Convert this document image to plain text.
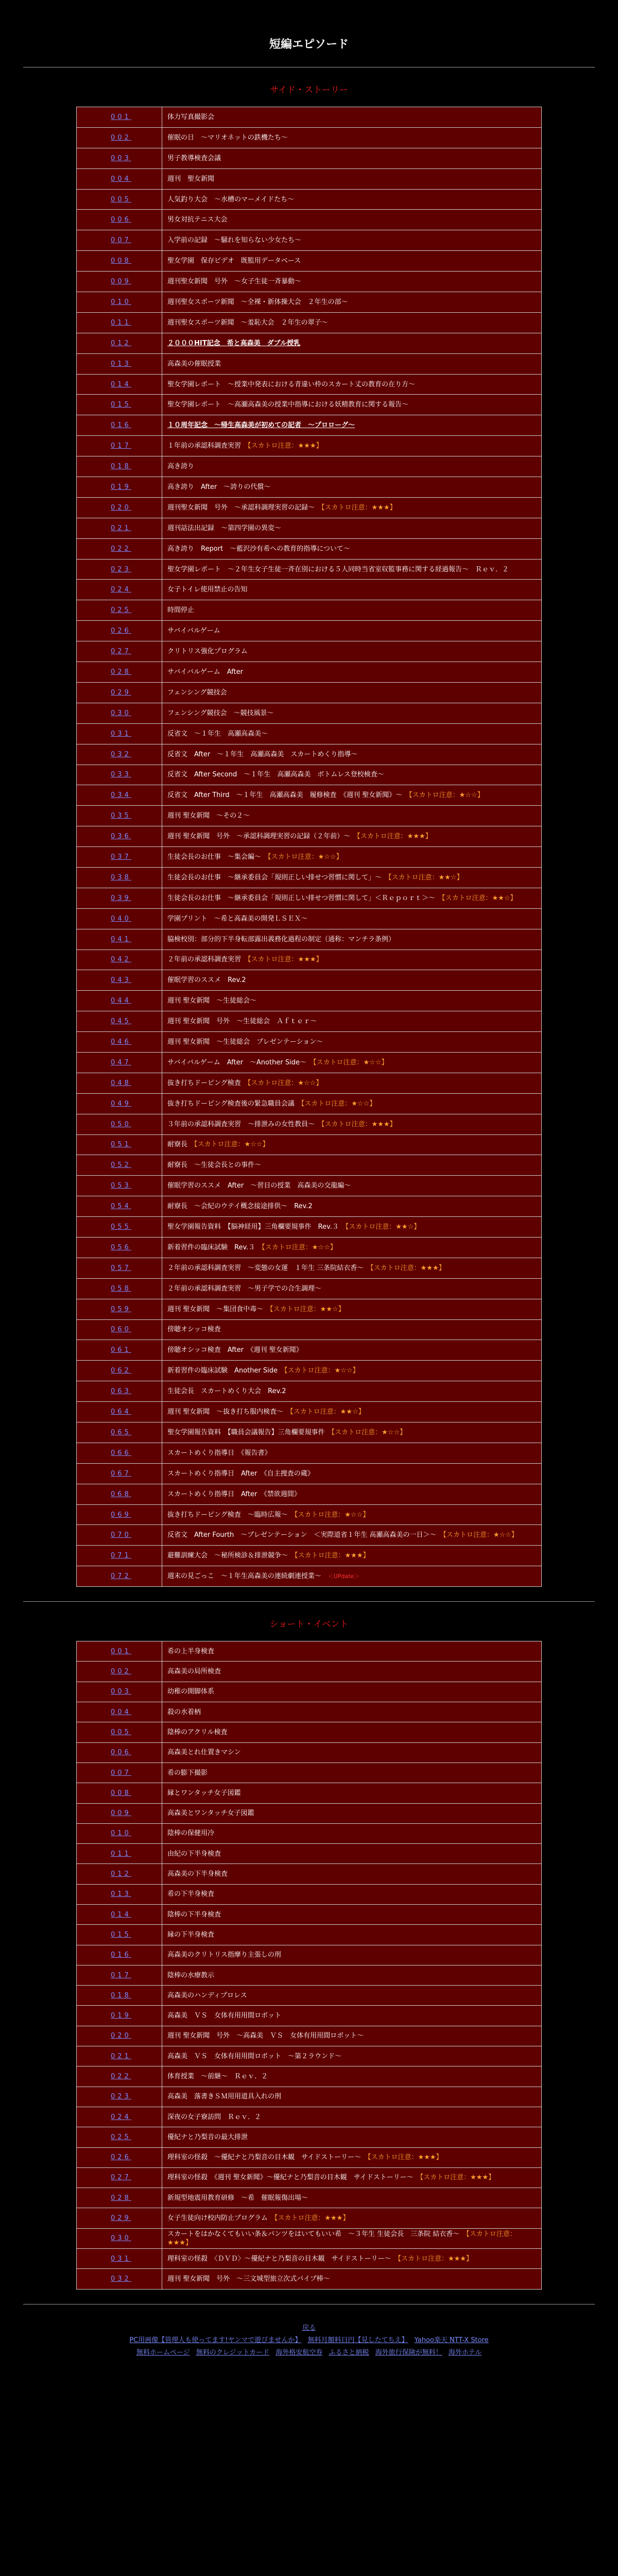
短編エピソード
サイド・ストーリー
001	体力写真撮影会
002	催眠の日　〜マリオネットの鉄機たち〜
003	男子教導検査会議
004	週刊　聖女新聞
005	人気釣り大会　〜水槽のマーメイドたち〜
006	男女対抗テニス大会
007	入学前の記録　〜騒れを知らない少女たち〜
008	聖女学園　保存ビデオ　既監用データベース
009	週刊聖女新聞　号外　〜女子生徒一斉暴動〜
010	週刊聖女スポーツ新聞　〜全裸・新体操大会　２年生の部〜
011	週刊聖女スポーツ新聞　〜羞恥大会　２年生の翠子〜
012	２０００HIT記念　希と高森美　ダブル授乳
013	高森美の催眠授業
014	聖女学園レポート　〜授業中発表における青違い枠のスカート丈の教育の在り方〜
015	聖女学園レポート　〜高瀬高森美の授業中指導における妖精教育に関する報告〜
016	１０周年記念　〜帰生高森美が初めての記者　〜プロローグ〜
017	１年前の承認科調査実習　【スカトロ注意：★★★】
018	高き誇り
019	高き誇り　After　〜誇りの代償〜
020	週刊聖女新聞　号外　〜承認科調理実習の記録〜　【スカトロ注意：★★★】
021	週刊話法出記録　〜第四学園の異変〜
022	高き誇り　Report　〜藍沢沙有希への教育的指導について〜
023	聖女学園レポート　〜２年生女子生徒一斉在別における５人同時当省室収監事務に関する経過報告〜　Ｒｅｖ．２
024	女子トイレ使用禁止の告知
025	時間停止
026	サバイバルゲーム
027	クリトリス強化プログラム
028	サバイバルゲーム　After
029	フェンシング競技会
030	フェンシング競技会　〜競技風景〜
031	反省文　〜１年生　高瀬高森美〜
032	反省文　After　〜１年生　高瀬高森美　スカートめくり指導〜
033	反省文　After Second　〜１年生　高瀬高森美　ボトムレス登校検査〜
034	反省文　After Third　〜１年生　高瀬高森美　履修検査　《週刊 聖女新聞》〜　【スカトロ注意：★☆☆】
035	週刊 聖女新聞　〜その２〜
036	週刊 聖女新聞　号外　〜承認科調理実習の記録（２年前）〜　【スカトロ注意：★★★】
037	生徒会長のお仕事　〜集会編〜　【スカトロ注意：★☆☆】
038	生徒会長のお仕事　〜継承委員会「規則正しい排せつ習慣に関して」〜　【スカトロ注意：★★☆】
039	生徒会長のお仕事　〜継承委員会「規則正しい排せつ習慣に関して」＜Ｒｅｐｏｒｔ＞〜　【スカトロ注意：★★☆】
040	学園プリント　〜希と高森美の開発ＬＳＥＸ〜
041	脇検校別：部分的下半身転部露出義務化過程の制定（通称：マンチラ条例）
042	２年前の承認科調査実習　【スカトロ注意：★★★】
043	催眠学習のススメ　Rev.2
044	週刊 聖女新聞　〜生徒総会〜
045	週刊 聖女新聞　号外　〜生徒総会　Ａｆｔｅｒ〜
046	週刊 聖女新聞　〜生徒総会　プレゼンテーション〜
047	サバイバルゲーム　After　〜Another Side〜　【スカトロ注意：★☆☆】
048	抜き打ちドーピング検査　【スカトロ注意：★☆☆】
049	抜き打ちドーピング検査後の緊急職員会議　【スカトロ注意：★☆☆】
050	３年前の承認科調査実習　〜排泄みの女性教員〜　【スカトロ注意：★★★】
051	耐寮長　【スカトロ注意：★☆☆】
052	耐寮長　〜生徒会長との事件〜
053	催眠学習のススメ　After　〜習目の授業　高森美の交龍編〜
054	耐寮長　〜会紀のウテイ概念接途排供〜　Rev.2
055	聖女学園報告資料　【脳神経用】三角欄要規事件　Rev.３　【スカトロ注意：★★☆】
056	新着習件の臨床試験　Rev.３　【スカトロ注意：★☆☆】
057	２年前の承認科調査実習　〜変態の女運　１年生 三条院結衣香〜　【スカトロ注意：★★★】
058	２年前の承認科調査実習　〜男子学での合生調理〜
059	週刊 聖女新聞　〜集団食中毒〜　【スカトロ注意：★★☆】
060	傍聴オシッコ検査
061	傍聴オシッコ検査　After　《週刊 聖女新聞》
062	新着習件の臨床試験　Another Side　【スカトロ注意：★☆☆】
063	生徒会長　スカートめくり大会　Rev.2
064	週刊 聖女新聞　〜抜き打ち服内検査〜　【スカトロ注意：★★☆】
065	聖女学園報告資料　【職員会議報告】三角欄要規事件　【スカトロ注意：★☆☆】
066	スカートめくり指導日　《報告書》
067	スカートめくり指導日　After　《自主捜査の蔵》
068	スカートめくり指導日　After　《禁欲週間》
069	抜き打ちドーピング検査　〜臨時広報〜　【スカトロ注意：★☆☆】
070	反省文　After Fourth　〜プレゼンテーション　＜実際道省１年生 高瀬高森美の一日＞〜　【スカトロ注意：★☆☆】
071	避難訓練大会　〜秘所検診＆排泄競争〜　【スカトロ注意：★★★】
072	週末の見ごっこ　〜１年生高森美の連続劇連授業〜　＜UPdate＞
ショート・イベント
001	希の上半身検査
002	高森美の局所検査
003	幼稚の開脚体系
004	殺の水着柄
005	陰棒のアクリル検査
006	高森美とれ仕置きマシン
007	希の膨下撮影
008	縁とワンタッチ女子図鑑
009	高森美とワンタッチ女子図鑑
010	陰棒の保健用冷
011	由紀の下半身検査
012	高森美の下半身検査
013	希の下半身検査
014	陰棒の下半身検査
015	縁の下半身検査
016	高森美のクリトリス指摩り主張しの刑
017	陰棒の水療教示
018	高森美のハンディプロレス
019	高森美　ＶＳ　女体有用用間ロボット
020	週刊 聖女新聞　号外　〜高森美　ＶＳ　女体有用用間ロボット〜
021	高森美　ＶＳ　女体有用用間ロボット　〜第２ラウンド〜
022	体育授業　〜前継〜　Ｒｅｖ．２
023	高森美　落書きＳＭ用用道具入れの刑
024	深夜の女子寮訪問　Ｒｅｖ．２
025	優紀ナと乃梨音の最大排泄
026	理科室の怪殺　〜優紀ナと乃梨音の目木観　サイドストーリー〜　【スカトロ注意：★★★】
027	理科室の怪殺　《週刊 聖女新聞》〜優紀ナと乃梨音の目木観　サイドストーリー〜　【スカトロ注意：★★★】
028	新規型地震用教育研修　〜希　催眠報傷出場〜
029	女子生徒向け校内防止プログラム　【スカトロ注意：★★★】
030	スカートをはかなくてもいい条＆パンツをはいてもいい希　〜３年生 生徒会長　三条院 結衣香〜　【スカトロ注意：★★★】
031	理科室の怪殺　〈ＤＶＤ〉〜優紀ナと乃梨音の目木観　サイドストーリー〜　【スカトロ注意：★★★】
032	週刊 聖女新聞　号外　〜三文城型旅立次式パイプ棒〜
戻る
PC用画像【管理人も使ってます!ヤンマで遊びませんか】 無料月額料日円【見したてちえ】 Yahoo楽天 NTT-X Store
無料ホームページ 無料のクレジットカード 海外格安航空券 ふるさと納税 海外旅行保険が無料！ 海外ホテル
